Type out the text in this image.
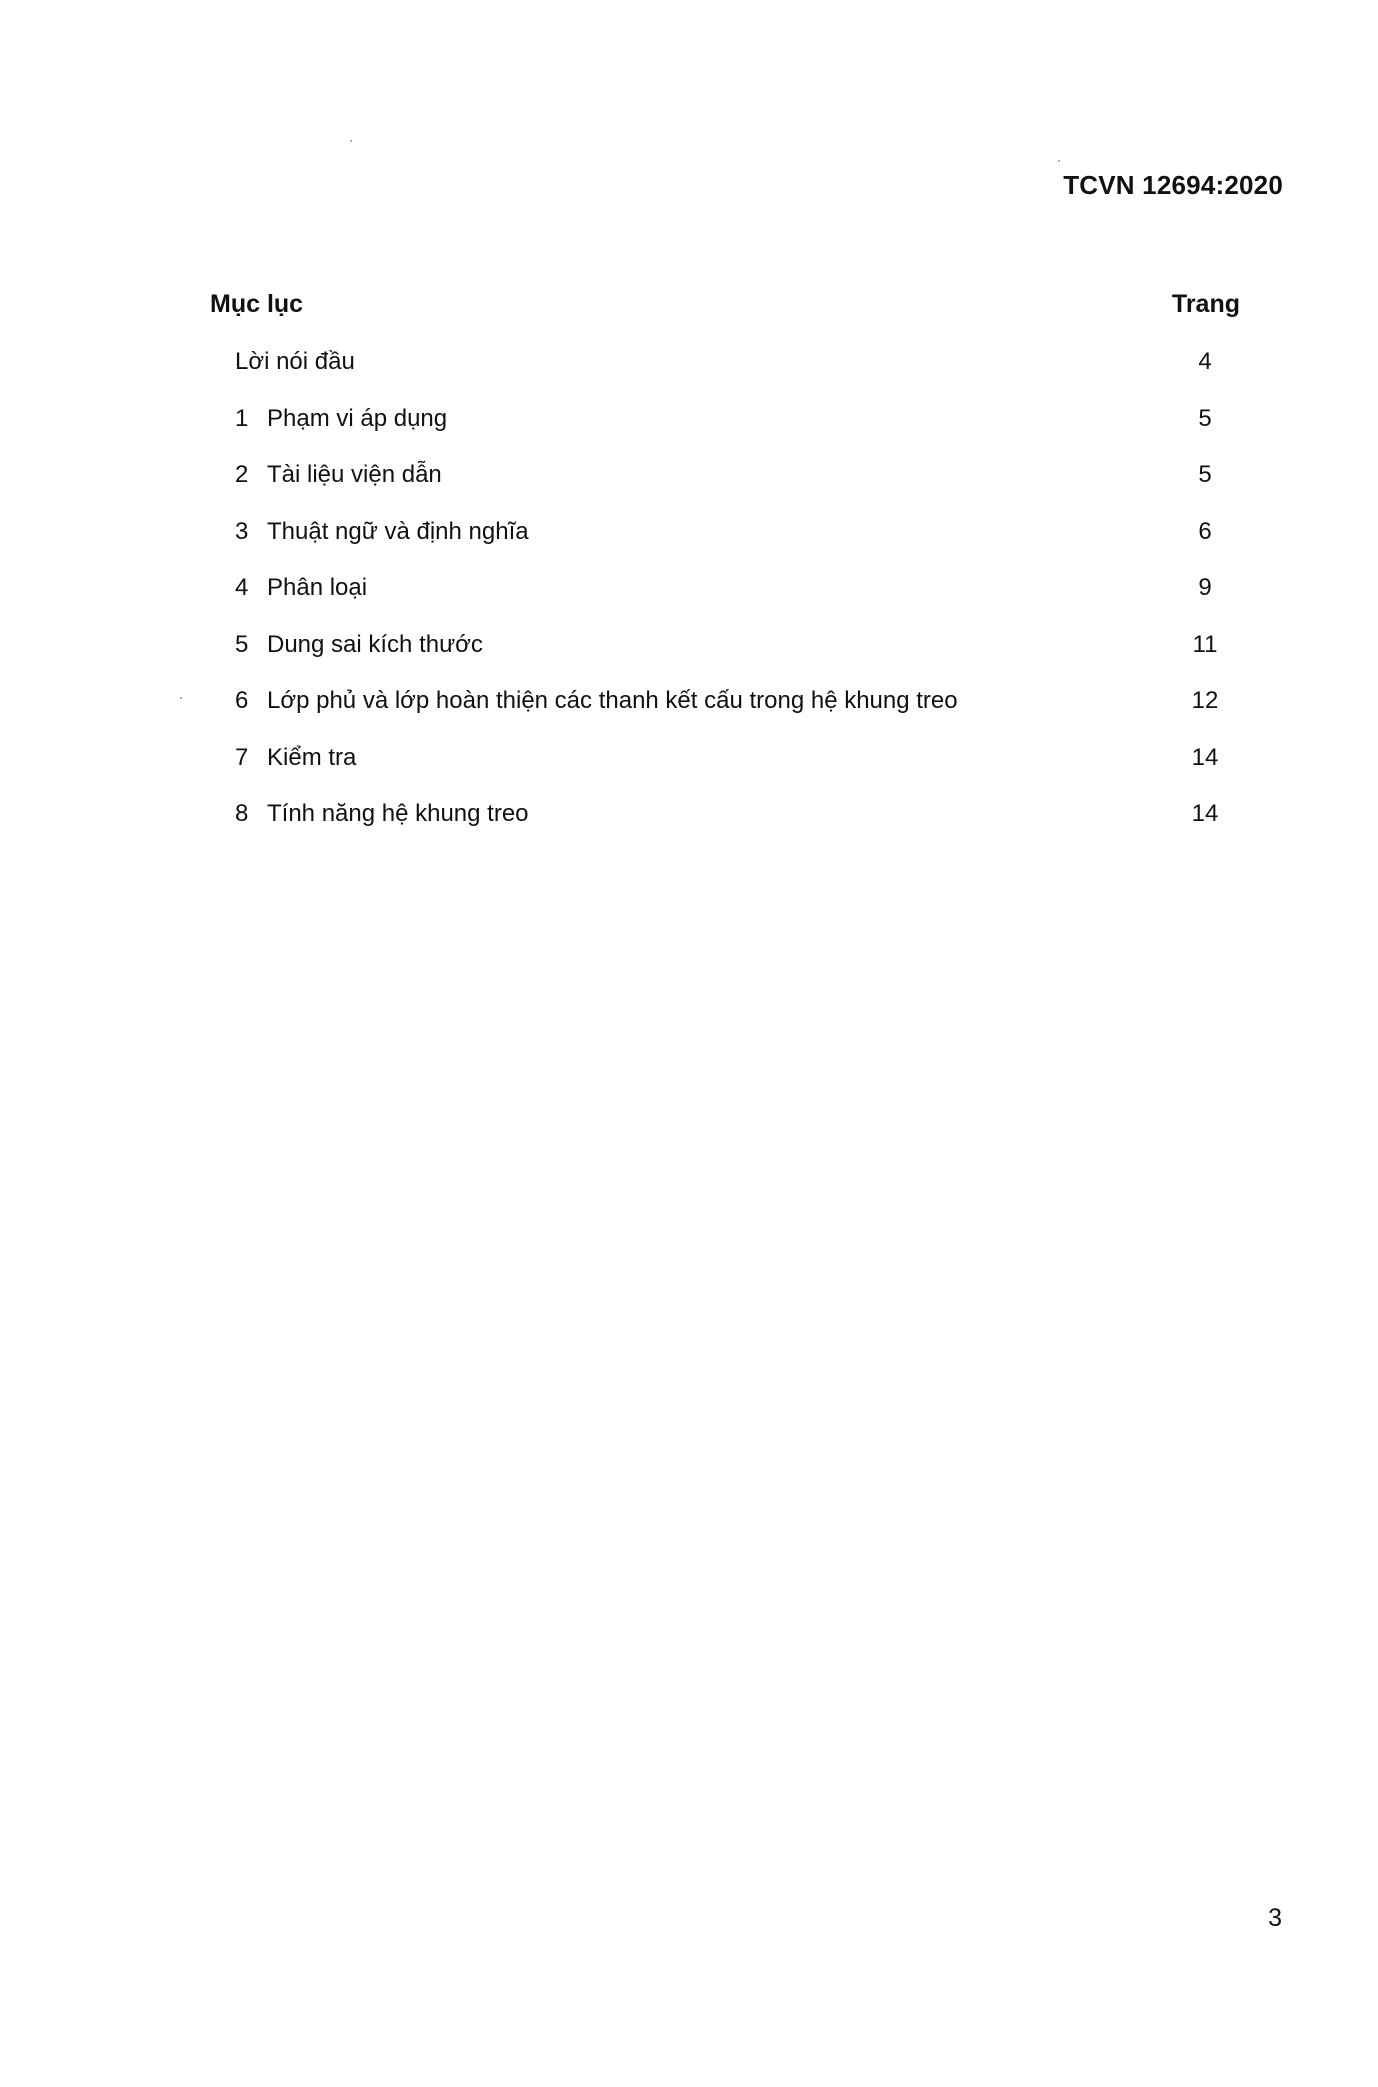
TCVN 12694:2020
Mục lục	Trang
Lời nói đầu	4
1 Phạm vi áp dụng	5
2 Tài liệu viện dẫn	5
3 Thuật ngữ và định nghĩa	6
4 Phân loại	9
5 Dung sai kích thước	11
6 Lớp phủ và lớp hoàn thiện các thanh kết cấu trong hệ khung treo	12
7 Kiểm tra	14
8 Tính năng hệ khung treo	14
3
